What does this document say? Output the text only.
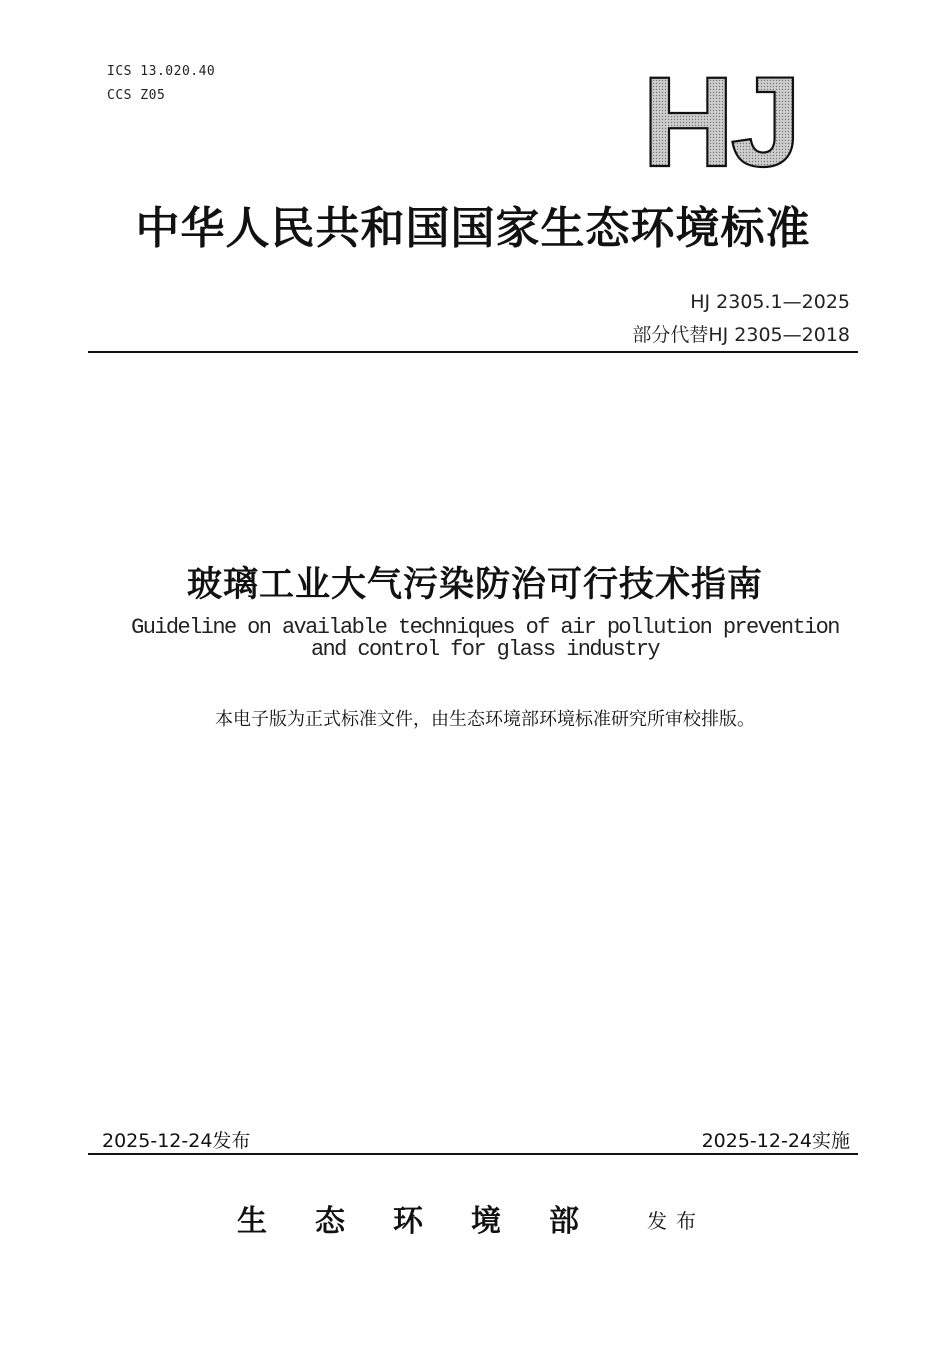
ICS 13.020.40
CCS Z05	HJ
中华人民共和国国家生态环境标准
HJ 2305.1—2025
部分代替HJ 2305—2018
玻璃工业大气污染防治可行技术指南
Guideline on available techniques of air pollution prevention
and control for glass industry
本电子版为正式标准文件，由生态环境部环境标准研究所审校排版。
2025-12-24发布	2025-12-24实施
生态环境部 发布
